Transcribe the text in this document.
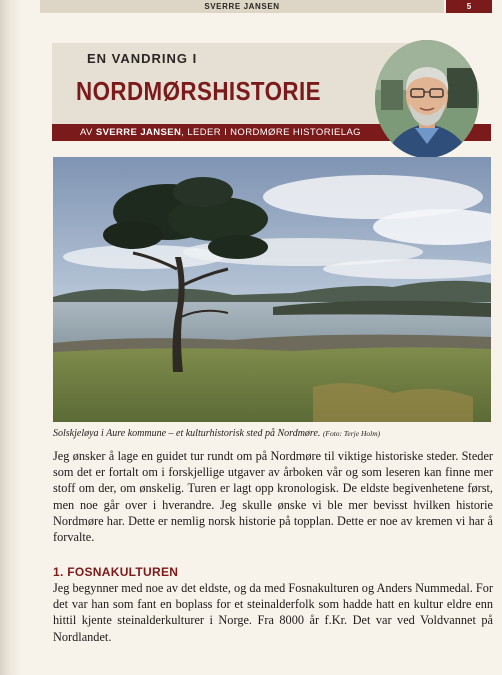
SVERRE JANSEN	5
EN VANDRING I
NORDMØRSHISTORIE
AV SVERRE JANSEN, LEDER I NORDMØRE HISTORIELAG
Solskjeløya i Aure kommune – et kulturhistorisk sted på Nordmøre. (Foto: Terje Holm)

Jeg ønsker å lage en guidet tur rundt om på Nordmøre til viktige historiske steder. Steder som det er fortalt om i forskjellige utgaver av årboken vår og som leseren kan finne mer stoff om der, om ønskelig. Turen er lagt opp kronologisk. De eldste begivenhetene først, men noe går over i hverandre. Jeg skulle ønske vi ble mer bevisst hvilken historie Nordmøre har. Dette er nemlig norsk historie på topplan. Dette er noe av kremen vi har å forvalte.

1. FOSNAKULTUREN

Jeg begynner med noe av det eldste, og da med Fosnakulturen og Anders Nummedal. For det var han som fant en boplass for et steinalderfolk som hadde hatt en kultur eldre enn hittil kjente steinalderkulturer i Norge. Fra 8000 år f.Kr. Det var ved Voldvannet på Nordlandet.
